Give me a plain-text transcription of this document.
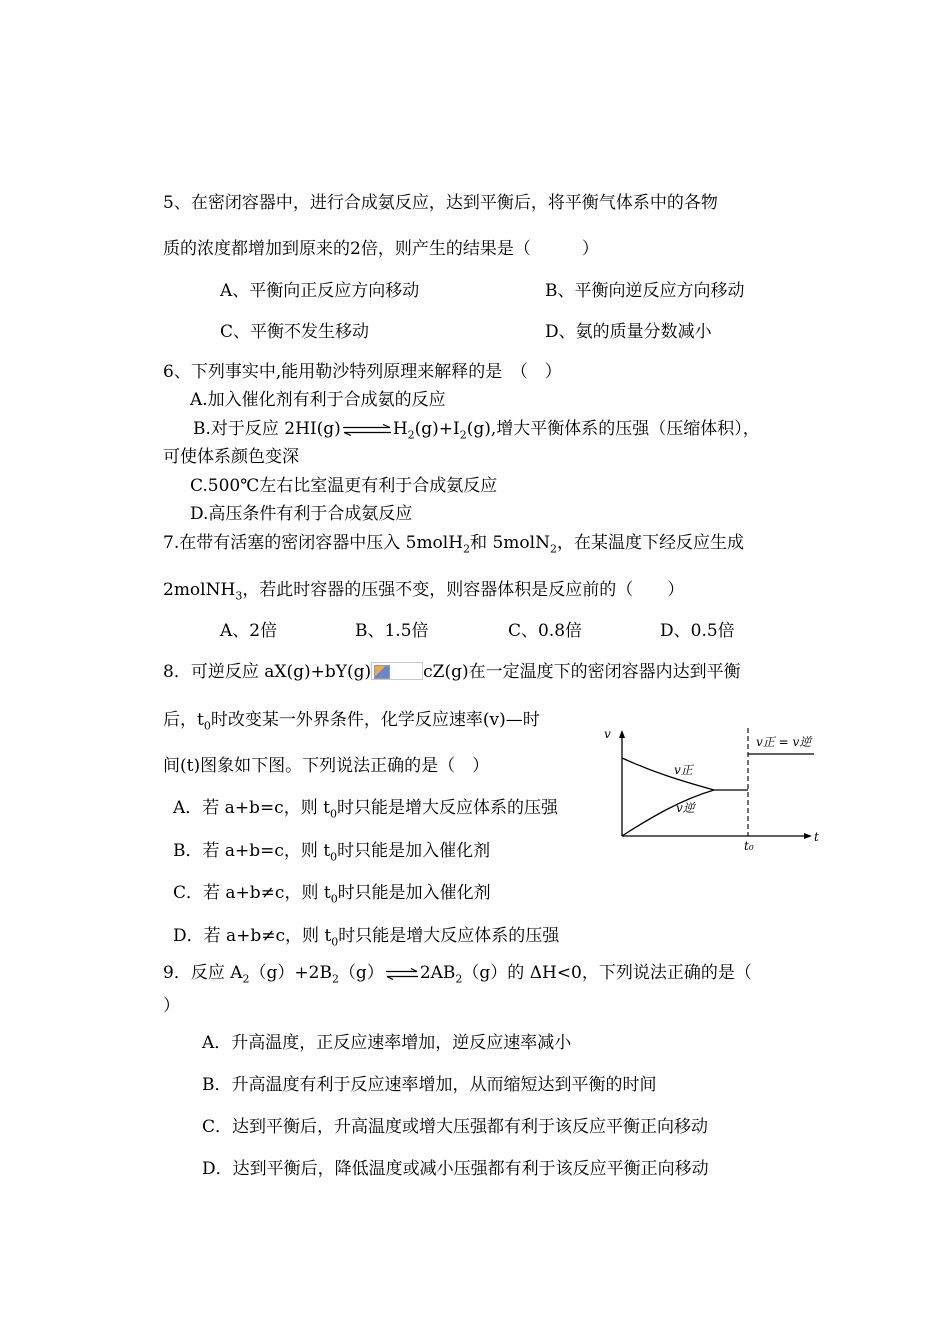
5、在密闭容器中，进行合成氨反应，达到平衡后，将平衡气体系中的各物
质的浓度都增加到原来的2倍，则产生的结果是（　　　）
A、平衡向正反应方向移动	B、平衡向逆反应方向移动
C、平衡不发生移动	D、氨的质量分数减小
6、下列事实中,能用勒沙特列原理来解释的是　（　）
A.加入催化剂有利于合成氨的反应
B.对于反应 $2HI(g)\rightleftharpoons H_2(g)+I_2(g)$,增大平衡体系的压强（压缩体积），
可使体系颜色变深
C.500℃左右比室温更有利于合成氨反应
D.高压条件有利于合成氨反应
7.在带有活塞的密闭容器中压入 5molH$_2$和 5molN$_2$，在某温度下经反应生成
2molNH$_3$，若此时容器的压强不变，则容器体积是反应前的（　　）
A、2倍	B、1.5倍	C、0.8倍	D、0.5倍
8．可逆反应 aX(g)+bY(g)	cZ(g)在一定温度下的密闭容器内达到平衡
后，$t_0$时改变某一外界条件，化学反应速率(v)—时
间(t)图象如下图。下列说法正确的是（　）
A．若 a+b=c，则 $t_0$时只能是增大反应体系的压强
B．若 a+b=c，则 $t_0$时只能是加入催化剂
C．若 a+b≠c，则 $t_0$时只能是加入催化剂
D．若 a+b≠c，则 $t_0$时只能是增大反应体系的压强
v
t
v正
v逆
t₀
v正 = v逆
9．反应 $A_2(g)+2B_2(g)\rightleftharpoons 2AB_2(g)$的 ΔH<0，下列说法正确的是（
）
A．升高温度，正反应速率增加，逆反应速率减小
B．升高温度有利于反应速率增加，从而缩短达到平衡的时间
C．达到平衡后，升高温度或增大压强都有利于该反应平衡正向移动
D．达到平衡后，降低温度或减小压强都有利于该反应平衡正向移动
